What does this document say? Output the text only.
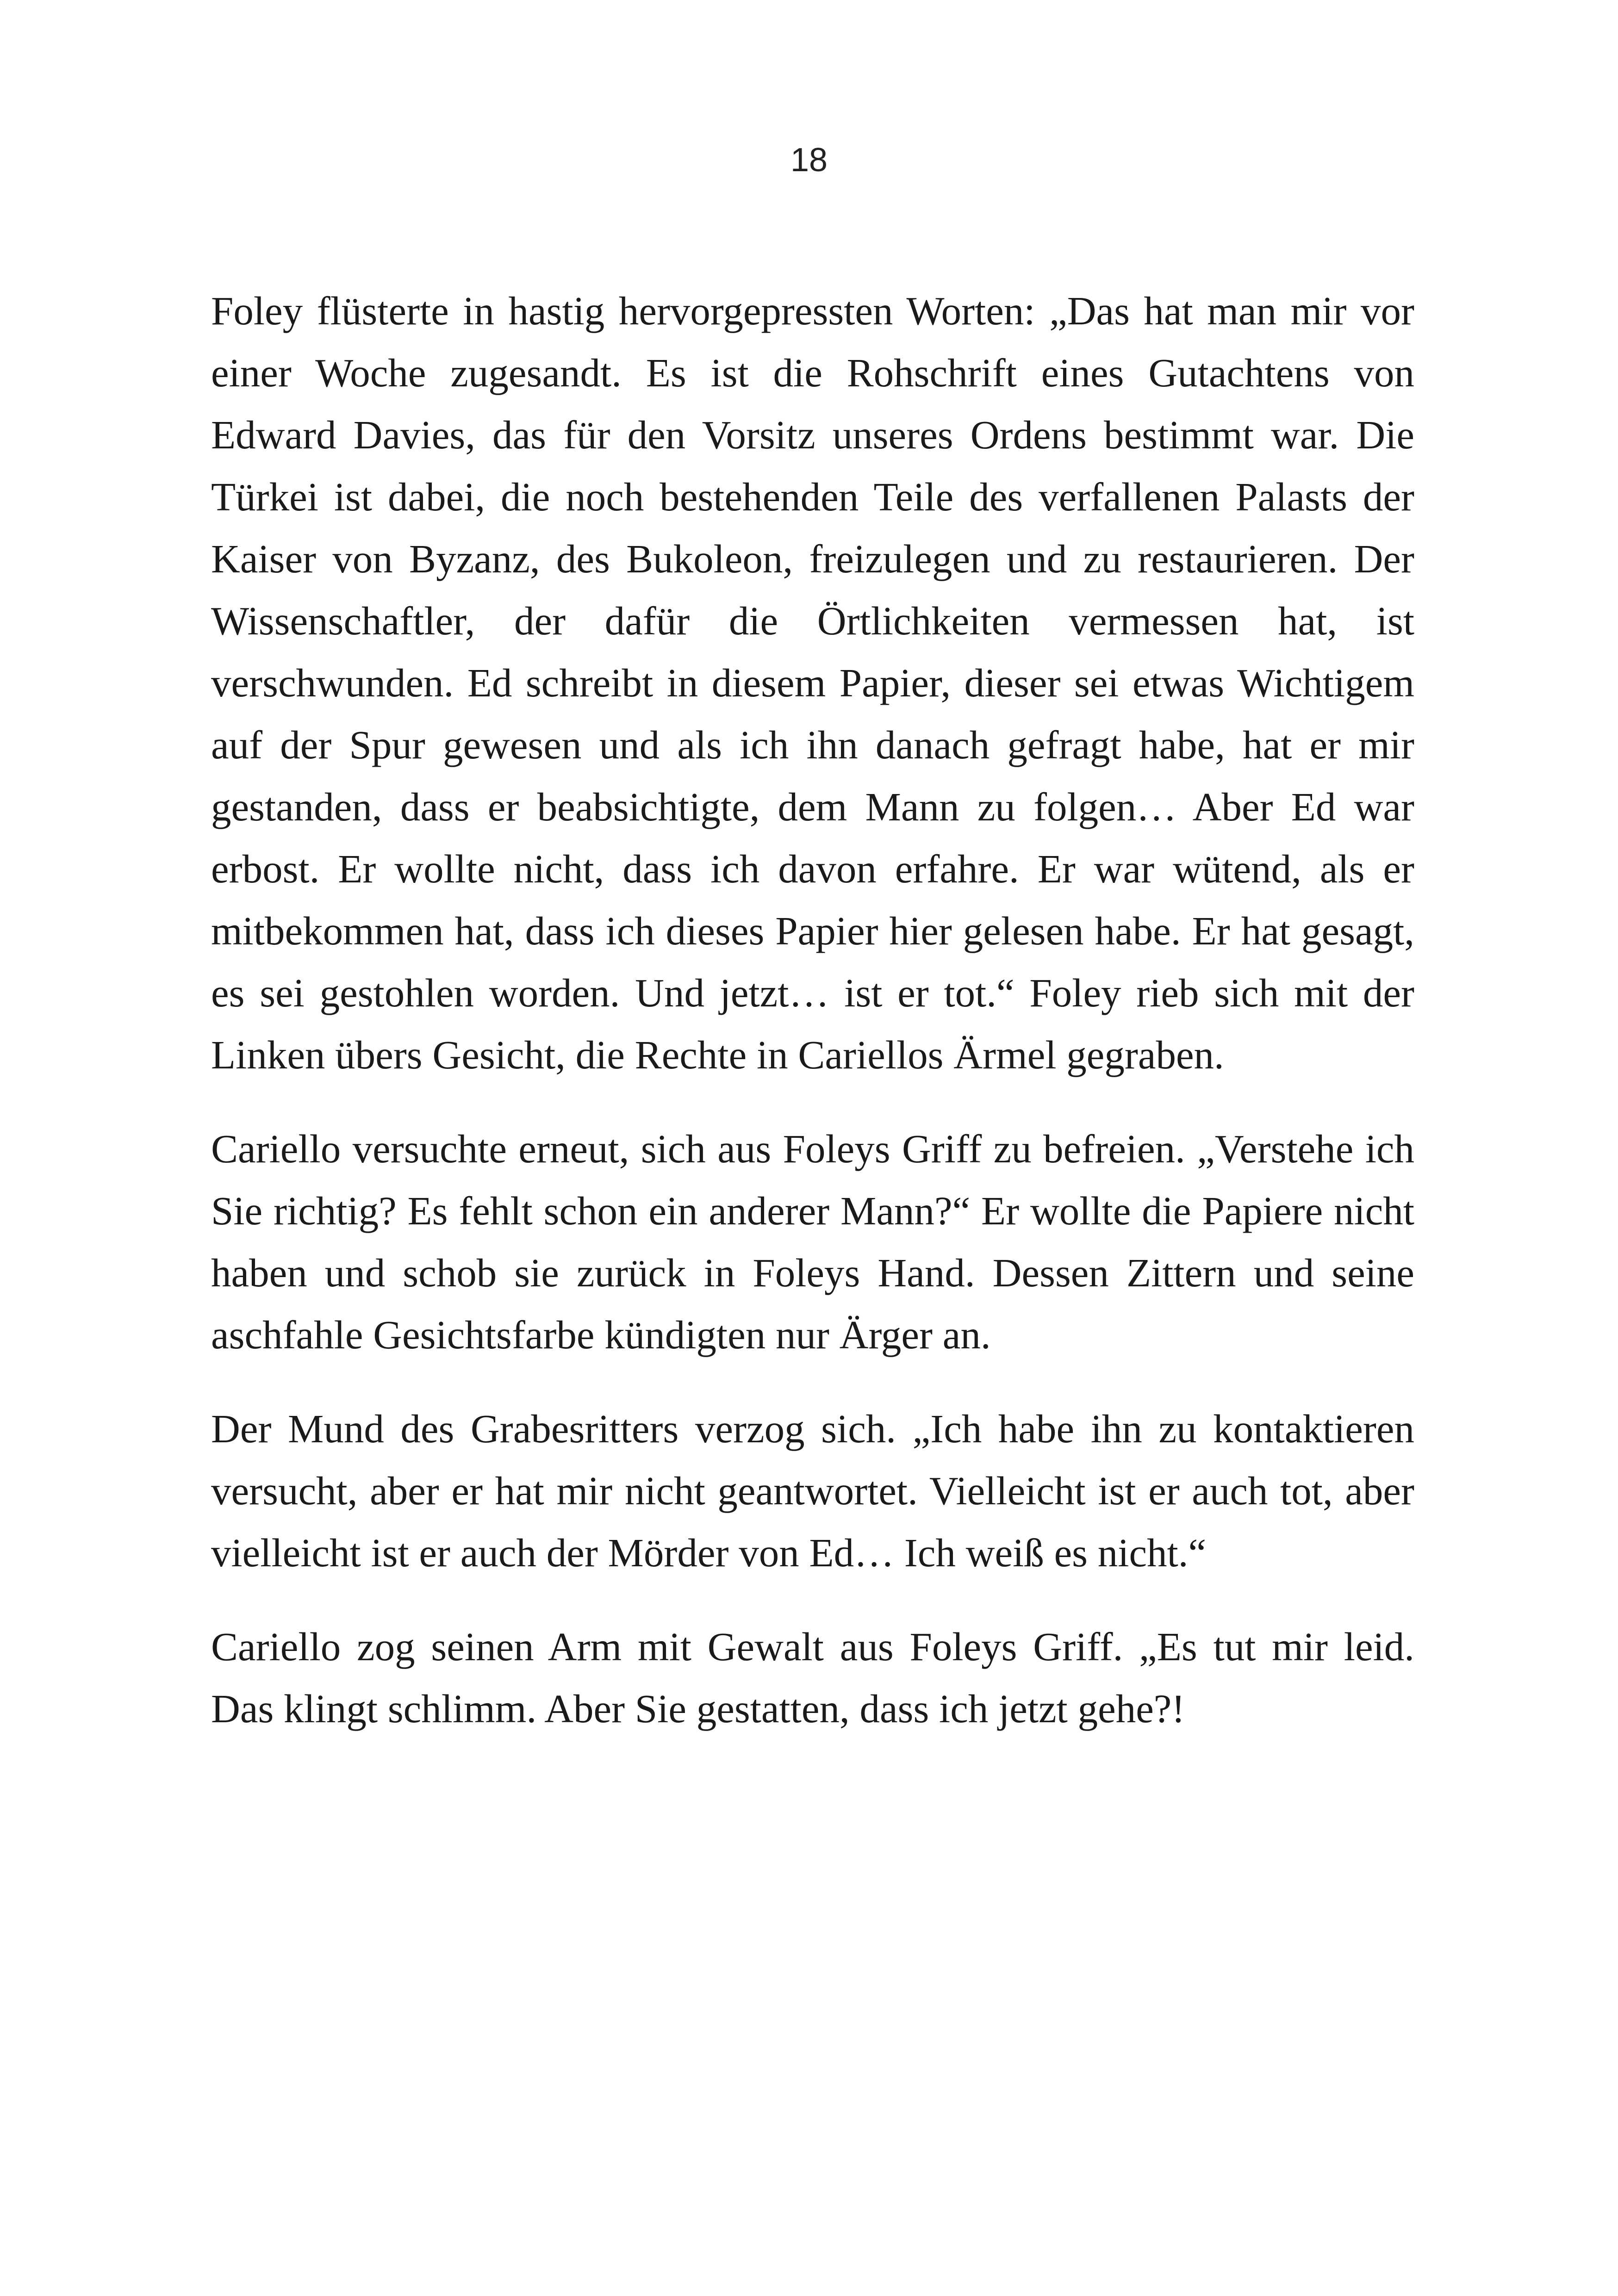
18

Foley flüsterte in hastig hervorgepressten Worten: „Das hat man mir vor einer Woche zugesandt. Es ist die Rohschrift eines Gutachtens von Edward Davies, das für den Vorsitz unseres Ordens bestimmt war. Die Türkei ist dabei, die noch bestehenden Teile des verfallenen Palasts der Kaiser von Byzanz, des Bukoleon, freizulegen und zu restaurieren. Der Wissenschaftler, der dafür die Örtlichkeiten vermessen hat, ist verschwunden. Ed schreibt in diesem Papier, dieser sei etwas Wichtigem auf der Spur gewesen und als ich ihn danach gefragt habe, hat er mir gestanden, dass er beabsichtigte, dem Mann zu folgen… Aber Ed war erbost. Er wollte nicht, dass ich davon erfahre. Er war wütend, als er mitbekommen hat, dass ich dieses Papier hier gelesen habe. Er hat gesagt, es sei gestohlen worden. Und jetzt… ist er tot.“ Foley rieb sich mit der Linken übers Gesicht, die Rechte in Cariellos Ärmel gegraben.

Cariello versuchte erneut, sich aus Foleys Griff zu befreien. „Verstehe ich Sie richtig? Es fehlt schon ein anderer Mann?“ Er wollte die Papiere nicht haben und schob sie zurück in Foleys Hand. Dessen Zittern und seine aschfahle Gesichtsfarbe kündigten nur Ärger an.

Der Mund des Grabesritters verzog sich. „Ich habe ihn zu kontaktieren versucht, aber er hat mir nicht geantwortet. Vielleicht ist er auch tot, aber vielleicht ist er auch der Mörder von Ed… Ich weiß es nicht.“

Cariello zog seinen Arm mit Gewalt aus Foleys Griff. „Es tut mir leid. Das klingt schlimm. Aber Sie gestatten, dass ich jetzt gehe?!
